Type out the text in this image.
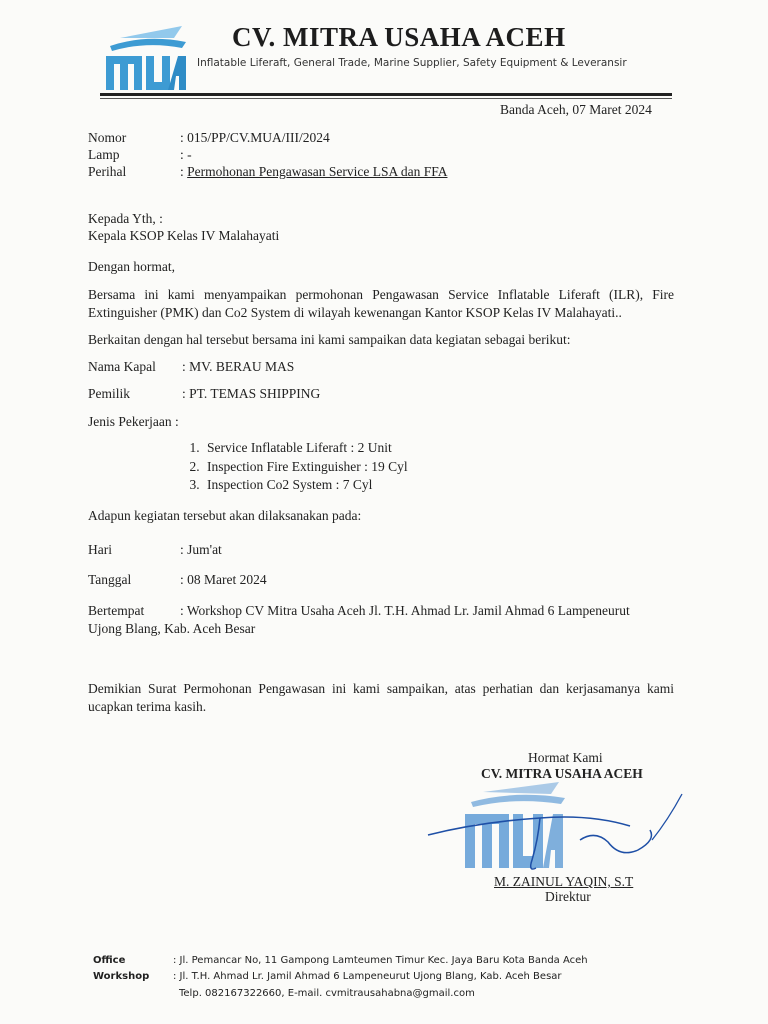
CV. MITRA USAHA ACEH
Inflatable Liferaft, General Trade, Marine Supplier, Safety Equipment & Leveransir
Banda Aceh, 07 Maret 2024
Nomor	: 015/PP/CV.MUA/III/2024
Lamp	: -
Perihal	: Permohonan Pengawasan Service LSA dan FFA
Kepada Yth, :
Kepala KSOP Kelas IV Malahayati
Dengan hormat,
Bersama ini kami menyampaikan permohonan Pengawasan Service Inflatable Liferaft (ILR), Fire Extinguisher (PMK) dan Co2 System di wilayah kewenangan Kantor KSOP Kelas IV Malahayati..
Berkaitan dengan hal tersebut bersama ini kami sampaikan data kegiatan sebagai berikut:
Nama Kapal : MV. BERAU MAS
Pemilik	: PT. TEMAS SHIPPING
Jenis Pekerjaan :
1. Service Inflatable Liferaft : 2 Unit
2. Inspection Fire Extinguisher : 19 Cyl
3. Inspection Co2 System : 7 Cyl
Adapun kegiatan tersebut akan dilaksanakan pada:
Hari	: Jum'at
Tanggal	: 08 Maret 2024
Bertempat	: Workshop CV Mitra Usaha Aceh Jl. T.H. Ahmad Lr. Jamil Ahmad 6 Lampeneurut
Ujong Blang, Kab. Aceh Besar
Demikian Surat Permohonan Pengawasan ini kami sampaikan, atas perhatian dan kerjasamanya kami ucapkan terima kasih.
Hormat Kami
CV. MITRA USAHA ACEH
M. ZAINUL YAQIN, S.T
Direktur
Office	: Jl. Pemancar No, 11 Gampong Lamteumen Timur Kec. Jaya Baru Kota Banda Aceh
Workshop : Jl. T.H. Ahmad Lr. Jamil Ahmad 6 Lampeneurut Ujong Blang, Kab. Aceh Besar
Telp. 082167322660, E-mail. cvmitrausahabna@gmail.com
